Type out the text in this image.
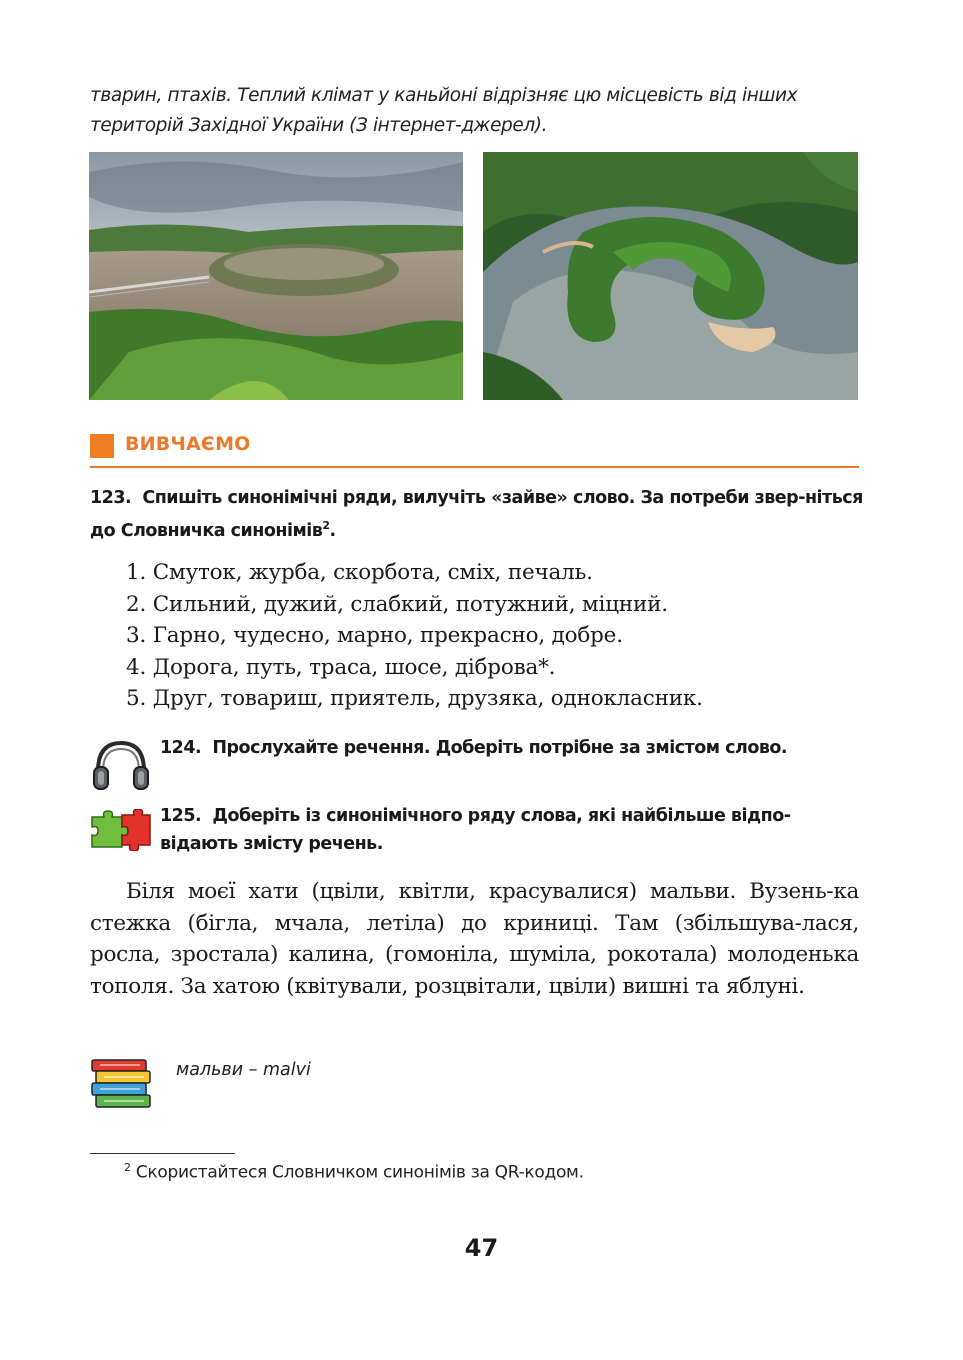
тварин, птахів. Теплий клімат у каньйоні відрізняє цю місцевість від інших
територій Західної України (З інтернет-джерел).
ВИВЧАЄМО
123. Спишіть синонімічні ряди, вилучіть «зайве» слово. За потреби звер-ніться до Словничка синонімів$^2$.
1. Смуток, журба, скорбота, сміх, печаль.
2. Сильний, дужий, слабкий, потужний, міцний.
3. Гарно, чудесно, марно, прекрасно, добре.
4. Дорога, путь, траса, шосе, діброва*.
5. Друг, товариш, приятель, друзяка, однокласник.
124. Прослухайте речення. Доберіть потрібне за змістом слово.
125. Доберіть із синонімічного ряду слова, які найбільше відпо-відають змісту речень.
Біля моєї хати (цвіли, квітли, красувалися) мальви. Вузень-ка стежка (бігла, мчала, летіла) до криниці. Там (збільшува-лася, росла, зростала) калина, (гомоніла, шуміла, рокотала) молоденька тополя. За хатою (квітували, розцвітали, цвіли) вишні та яблуні.
мальви – malvi
$^2$ Скористайтеся Словничком синонімів за QR-кодом.
47
